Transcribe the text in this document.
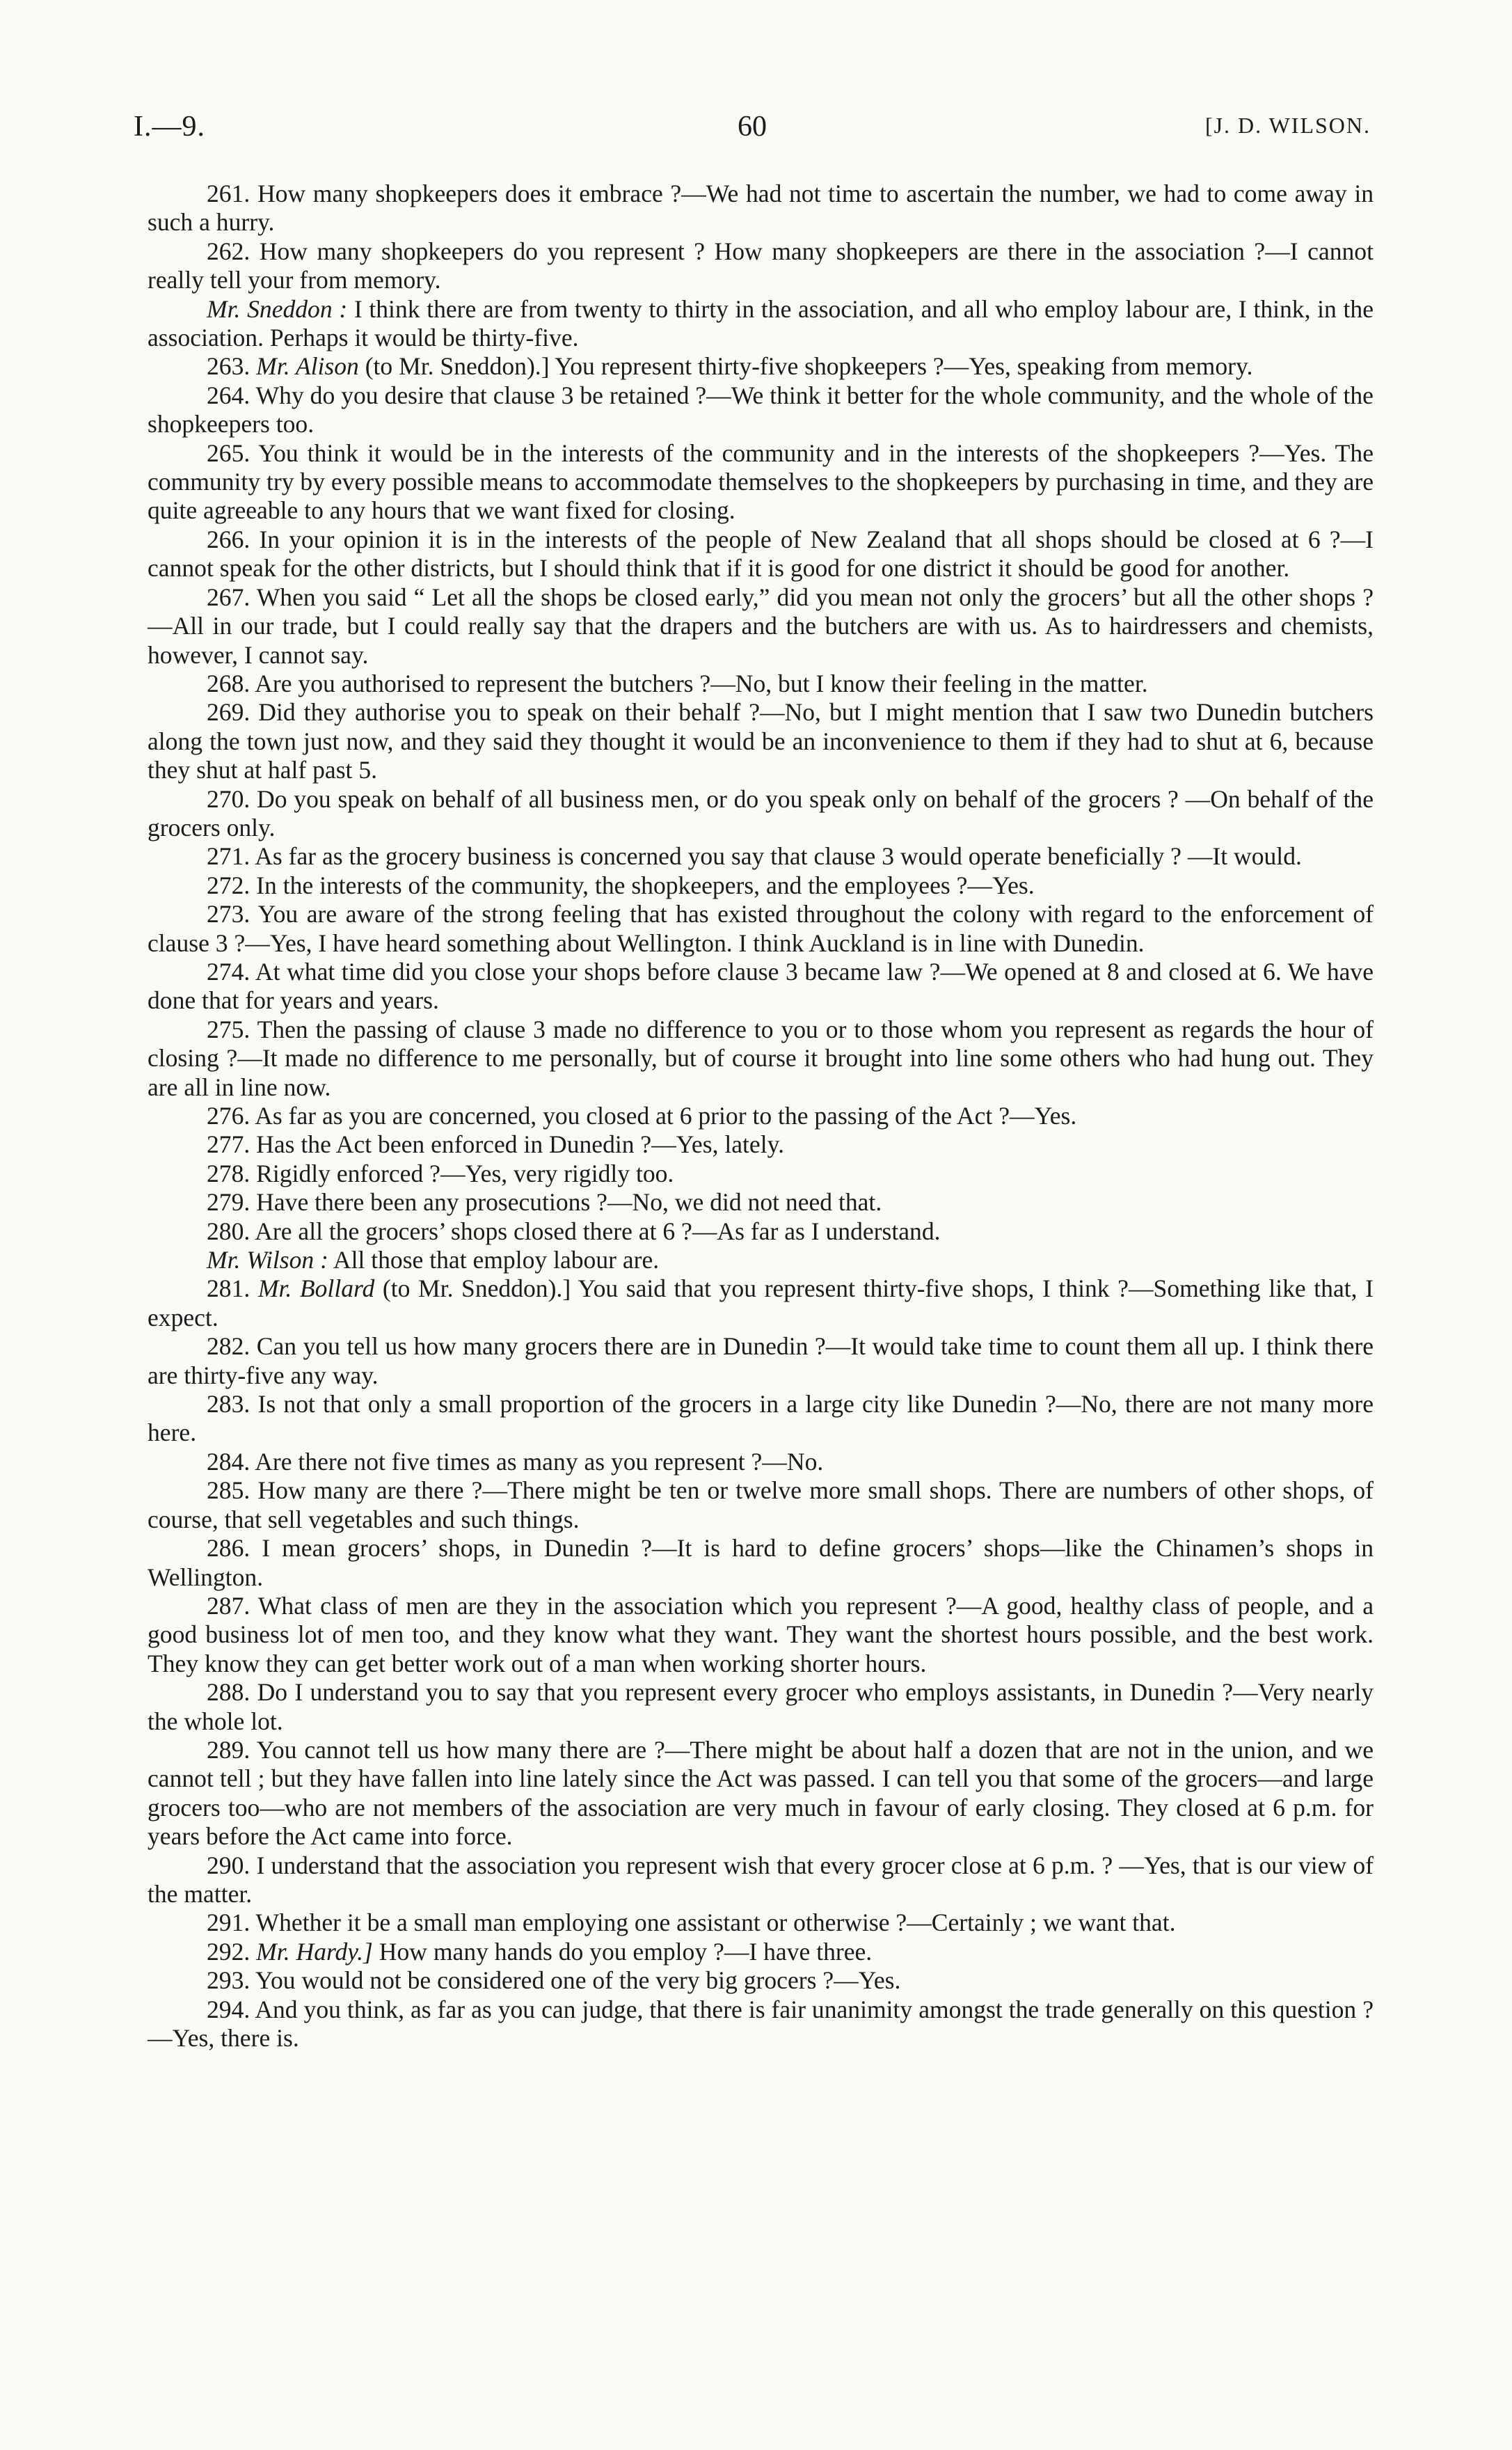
I.—9.	60	[J. D. WILSON.

261. How many shopkeepers does it embrace ?—We had not time to ascertain the number, we had to come away in such a hurry.

262. How many shopkeepers do you represent ? How many shopkeepers are there in the association ?—I cannot really tell your from memory.

Mr. Sneddon : I think there are from twenty to thirty in the association, and all who employ labour are, I think, in the association. Perhaps it would be thirty-five.

263. Mr. Alison (to Mr. Sneddon).] You represent thirty-five shopkeepers ?—Yes, speaking from memory.

264. Why do you desire that clause 3 be retained ?—We think it better for the whole community, and the whole of the shopkeepers too.

265. You think it would be in the interests of the community and in the interests of the shopkeepers ?—Yes. The community try by every possible means to accommodate themselves to the shopkeepers by purchasing in time, and they are quite agreeable to any hours that we want fixed for closing.

266. In your opinion it is in the interests of the people of New Zealand that all shops should be closed at 6 ?—I cannot speak for the other districts, but I should think that if it is good for one district it should be good for another.

267. When you said “ Let all the shops be closed early,” did you mean not only the grocers’ but all the other shops ?—All in our trade, but I could really say that the drapers and the butchers are with us. As to hairdressers and chemists, however, I cannot say.

268. Are you authorised to represent the butchers ?—No, but I know their feeling in the matter.

269. Did they authorise you to speak on their behalf ?—No, but I might mention that I saw two Dunedin butchers along the town just now, and they said they thought it would be an inconvenience to them if they had to shut at 6, because they shut at half past 5.

270. Do you speak on behalf of all business men, or do you speak only on behalf of the grocers ? —On behalf of the grocers only.

271. As far as the grocery business is concerned you say that clause 3 would operate beneficially ? —It would.

272. In the interests of the community, the shopkeepers, and the employees ?—Yes.

273. You are aware of the strong feeling that has existed throughout the colony with regard to the enforcement of clause 3 ?—Yes, I have heard something about Wellington. I think Auckland is in line with Dunedin.

274. At what time did you close your shops before clause 3 became law ?—We opened at 8 and closed at 6. We have done that for years and years.

275. Then the passing of clause 3 made no difference to you or to those whom you represent as regards the hour of closing ?—It made no difference to me personally, but of course it brought into line some others who had hung out. They are all in line now.

276. As far as you are concerned, you closed at 6 prior to the passing of the Act ?—Yes.

277. Has the Act been enforced in Dunedin ?—Yes, lately.

278. Rigidly enforced ?—Yes, very rigidly too.

279. Have there been any prosecutions ?—No, we did not need that.

280. Are all the grocers’ shops closed there at 6 ?—As far as I understand.

Mr. Wilson : All those that employ labour are.

281. Mr. Bollard (to Mr. Sneddon).] You said that you represent thirty-five shops, I think ?—Something like that, I expect.

282. Can you tell us how many grocers there are in Dunedin ?—It would take time to count them all up. I think there are thirty-five any way.

283. Is not that only a small proportion of the grocers in a large city like Dunedin ?—No, there are not many more here.

284. Are there not five times as many as you represent ?—No.

285. How many are there ?—There might be ten or twelve more small shops. There are numbers of other shops, of course, that sell vegetables and such things.

286. I mean grocers’ shops, in Dunedin ?—It is hard to define grocers’ shops—like the Chinamen’s shops in Wellington.

287. What class of men are they in the association which you represent ?—A good, healthy class of people, and a good business lot of men too, and they know what they want. They want the shortest hours possible, and the best work. They know they can get better work out of a man when working shorter hours.

288. Do I understand you to say that you represent every grocer who employs assistants, in Dunedin ?—Very nearly the whole lot.

289. You cannot tell us how many there are ?—There might be about half a dozen that are not in the union, and we cannot tell ; but they have fallen into line lately since the Act was passed. I can tell you that some of the grocers—and large grocers too—who are not members of the association are very much in favour of early closing. They closed at 6 p.m. for years before the Act came into force.

290. I understand that the association you represent wish that every grocer close at 6 p.m. ? —Yes, that is our view of the matter.

291. Whether it be a small man employing one assistant or otherwise ?—Certainly ; we want that.

292. Mr. Hardy.] How many hands do you employ ?—I have three.

293. You would not be considered one of the very big grocers ?—Yes.

294. And you think, as far as you can judge, that there is fair unanimity amongst the trade generally on this question ?—Yes, there is.
